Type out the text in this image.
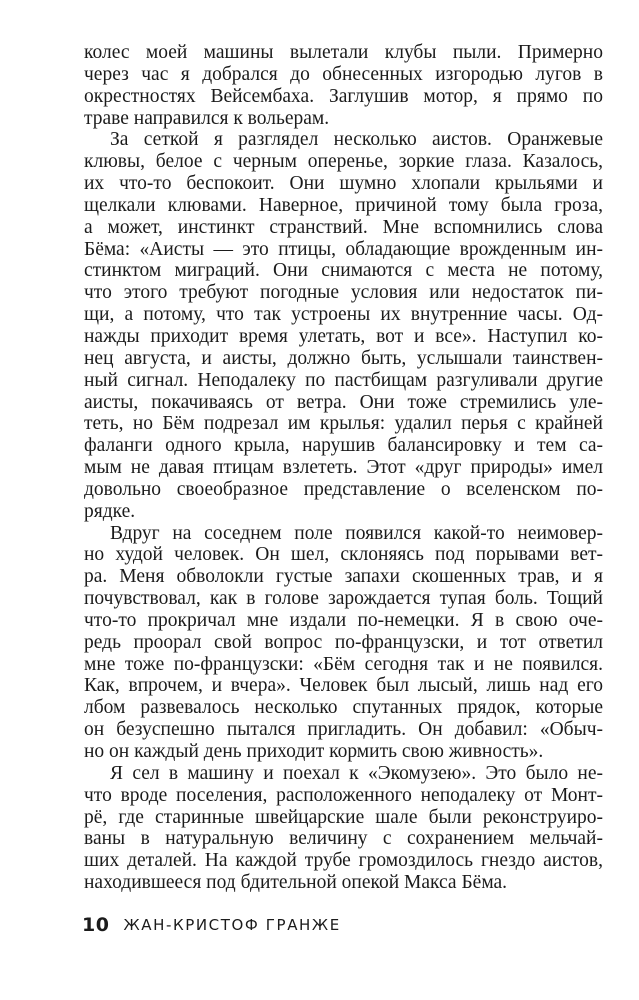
колес моей машины вылетали клубы пыли. Примерно
через час я добрался до обнесенных изгородью лугов в
окрестностях Вейсембаха. Заглушив мотор, я прямо по
траве направился к вольерам.
За сеткой я разглядел несколько аистов. Оранжевые
клювы, белое с черным оперенье, зоркие глаза. Казалось,
их что-то беспокоит. Они шумно хлопали крыльями и
щелкали клювами. Наверное, причиной тому была гроза,
а может, инстинкт странствий. Мне вспомнились слова
Бёма: «Аисты — это птицы, обладающие врожденным ин-
стинктом миграций. Они снимаются с места не потому,
что этого требуют погодные условия или недостаток пи-
щи, а потому, что так устроены их внутренние часы. Од-
нажды приходит время улетать, вот и все». Наступил ко-
нец августа, и аисты, должно быть, услышали таинствен-
ный сигнал. Неподалеку по пастбищам разгуливали другие
аисты, покачиваясь от ветра. Они тоже стремились уле-
теть, но Бём подрезал им крылья: удалил перья с крайней
фаланги одного крыла, нарушив балансировку и тем са-
мым не давая птицам взлететь. Этот «друг природы» имел
довольно своеобразное представление о вселенском по-
рядке.
Вдруг на соседнем поле появился какой-то неимовер-
но худой человек. Он шел, склоняясь под порывами вет-
ра. Меня обволокли густые запахи скошенных трав, и я
почувствовал, как в голове зарождается тупая боль. Тощий
что-то прокричал мне издали по-немецки. Я в свою оче-
редь проорал свой вопрос по-французски, и тот ответил
мне тоже по-французски: «Бём сегодня так и не появился.
Как, впрочем, и вчера». Человек был лысый, лишь над его
лбом развевалось несколько спутанных прядок, которые
он безуспешно пытался пригладить. Он добавил: «Обыч-
но он каждый день приходит кормить свою живность».
Я сел в машину и поехал к «Экомузею». Это было не-
что вроде поселения, расположенного неподалеку от Монт-
рё, где старинные швейцарские шале были реконструиро-
ваны в натуральную величину с сохранением мельчай-
ших деталей. На каждой трубе громоздилось гнездо аистов,
находившееся под бдительной опекой Макса Бёма.
10 ЖАН-КРИСТОФ ГРАНЖЕ
